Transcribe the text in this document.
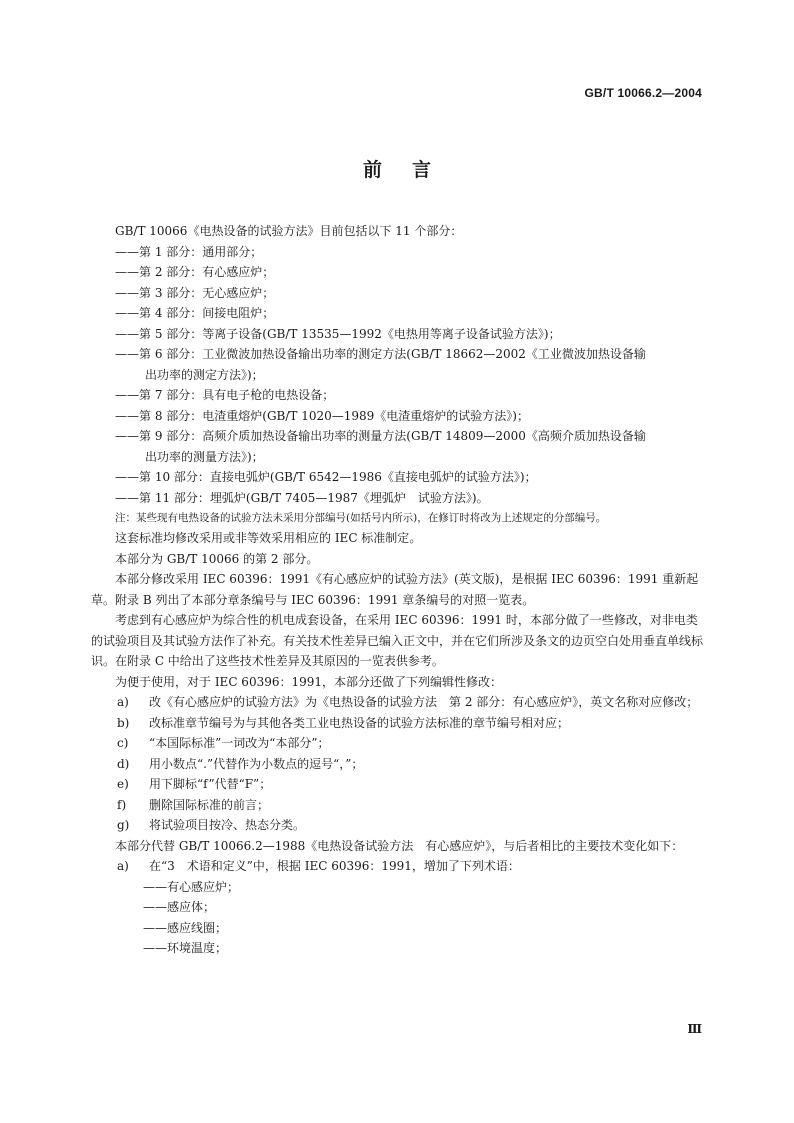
GB/T 10066.2—2004
前言
GB/T 10066《电热设备的试验方法》目前包括以下 11 个部分：
——第 1 部分：通用部分；
——第 2 部分：有心感应炉；
——第 3 部分：无心感应炉；
——第 4 部分：间接电阻炉；
——第 5 部分：等离子设备(GB/T 13535—1992《电热用等离子设备试验方法》)；
——第 6 部分：工业微波加热设备输出功率的测定方法(GB/T 18662—2002《工业微波加热设备输
出功率的测定方法》)；
——第 7 部分：具有电子枪的电热设备；
——第 8 部分：电渣重熔炉(GB/T 1020—1989《电渣重熔炉的试验方法》)；
——第 9 部分：高频介质加热设备输出功率的测量方法(GB/T 14809—2000《高频介质加热设备输
出功率的测量方法》)；
——第 10 部分：直接电弧炉(GB/T 6542—1986《直接电弧炉的试验方法》)；
——第 11 部分：埋弧炉(GB/T 7405—1987《埋弧炉　试验方法》)。
注：某些现有电热设备的试验方法未采用分部编号(如括号内所示)，在修订时将改为上述规定的分部编号。
这套标准均修改采用或非等效采用相应的 IEC 标准制定。
本部分为 GB/T 10066 的第 2 部分。
本部分修改采用 IEC 60396：1991《有心感应炉的试验方法》(英文版)，是根据 IEC 60396：1991 重新起草。附录 B 列出了本部分章条编号与 IEC 60396：1991 章条编号的对照一览表。
考虑到有心感应炉为综合性的机电成套设备，在采用 IEC 60396：1991 时，本部分做了一些修改，对非电类的试验项目及其试验方法作了补充。有关技术性差异已编入正文中，并在它们所涉及条文的边页空白处用垂直单线标识。在附录 C 中给出了这些技术性差异及其原因的一览表供参考。
为便于使用，对于 IEC 60396：1991，本部分还做了下列编辑性修改：
a)	改《有心感应炉的试验方法》为《电热设备的试验方法　第 2 部分：有心感应炉》，英文名称对应修改；
b)	改标准章节编号为与其他各类工业电热设备的试验方法标准的章节编号相对应；
c)	“本国际标准”一词改为“本部分”；
d)	用小数点“.”代替作为小数点的逗号“，”；
e)	用下脚标“f”代替“F”；
f)	删除国际标准的前言；
g)	将试验项目按冷、热态分类。
本部分代替 GB/T 10066.2—1988《电热设备试验方法　有心感应炉》，与后者相比的主要技术变化如下：
a)	在“3　术语和定义”中，根据 IEC 60396：1991，增加了下列术语：
——有心感应炉；
——感应体；
——感应线圈；
——环境温度；
Ⅲ
